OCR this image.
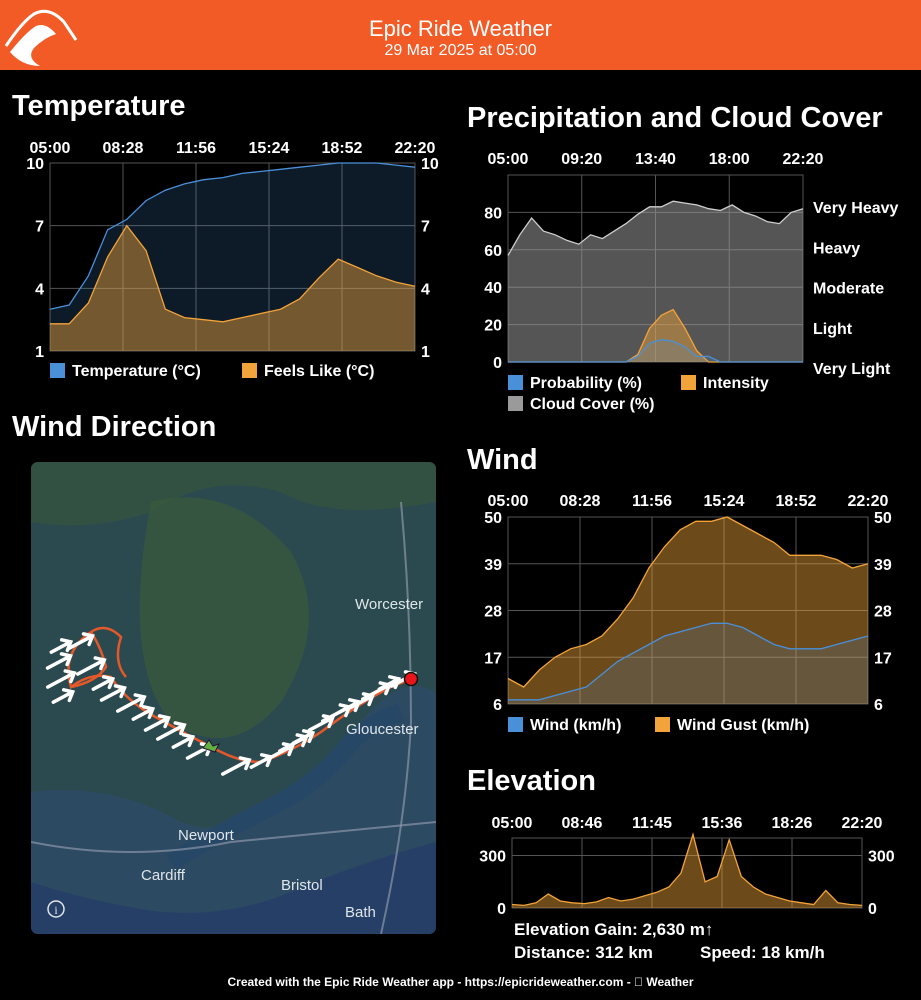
Epic Ride Weather
29 Mar 2025 at 05:00
Temperature	Precipitation and Cloud Cover
Wind Direction
Wind
Elevation
05:00 08:28 11:56 15:24 18:52 22:20
1	1
4	4
7	7
10	10	05:00 09:20 13:40 18:00 22:20
0
20
40
60
80	Very Heavy
Heavy
Moderate
Light
Very Light
05:00 08:28 11:56 15:24 18:52 22:20
6	6
17	17
28	28
39	39
50	50
05:00 08:46 11:45 15:36 18:26 22:20
0	0
300	300
Temperature (°C)	Feels Like (°C)
Probability (%)	Intensity
Cloud Cover (%)
Wind (km/h)	Wind Gust (km/h)
i
Worcester
Gloucester
Newport
Cardiff
Bristol
Bath
Elevation Gain: 2,630 m↑
Distance: 312 km	Speed: 18 km/h
Created with the Epic Ride Weather app - https://epicrideweather.com - Weather
